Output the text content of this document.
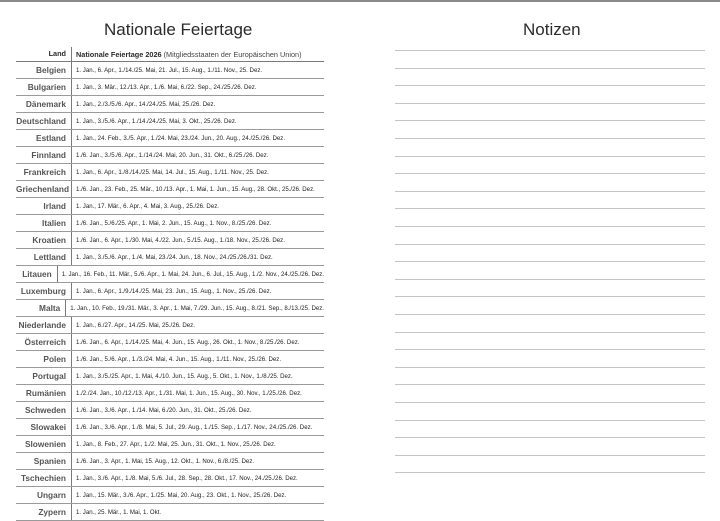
Nationale Feiertage
Land	Nationale Feiertage 2026 (Mitgliedsstaaten der Europäischen Union)
Belgien	1. Jan., 6. Apr., 1./14./25. Mai, 21. Jul., 15. Aug., 1./11. Nov., 25. Dez.
Bulgarien	1. Jan., 3. Mär., 12./13. Apr., 1./6. Mai, 6./22. Sep., 24./25./26. Dez.
Dänemark	1. Jan., 2./3./5./6. Apr., 14./24./25. Mai, 25./26. Dez.
Deutschland	1. Jan., 3./5./6. Apr., 1./14./24./25. Mai, 3. Okt., 25./26. Dez.
Estland	1. Jan., 24. Feb., 3./5. Apr., 1./24. Mai, 23./24. Jun., 20. Aug., 24./25./26. Dez.
Finnland	1./6. Jan., 3./5./6. Apr., 1./14./24. Mai, 20. Jun., 31. Okt., 6./25./26. Dez.
Frankreich	1. Jan., 6. Apr., 1./8./14./25. Mai, 14. Jul., 15. Aug., 1./11. Nov., 25. Dez.
Griechenland	1./6. Jan., 23. Feb., 25. Mär., 10./13. Apr., 1. Mai, 1. Jun., 15. Aug., 28. Okt., 25./26. Dez.
Irland	1. Jan., 17. Mär., 6. Apr., 4. Mai, 3. Aug., 25./26. Dez.
Italien	1./6. Jan., 5./6./25. Apr., 1. Mai, 2. Jun., 15. Aug., 1. Nov., 8./25./26. Dez.
Kroatien	1./6. Jan., 6. Apr., 1./30. Mai, 4./22. Jun., 5./15. Aug., 1./18. Nov., 25./26. Dez.
Lettland	1. Jan., 3./5./6. Apr., 1./4. Mai, 23./24. Jun., 18. Nov., 24./25./26./31. Dez.
Litauen	1. Jan., 16. Feb., 11. Mär., 5./6. Apr., 1. Mai, 24. Jun., 6. Jul., 15. Aug., 1./2. Nov., 24./25./26. Dez.
Luxemburg	1. Jan., 6. Apr., 1./9./14./25. Mai, 23. Jun., 15. Aug., 1. Nov., 25./26. Dez.
Malta	1. Jan., 10. Feb., 19./31. Mär., 3. Apr., 1. Mai, 7./29. Jun., 15. Aug., 8./21. Sep., 8./13./25. Dez.
Niederlande	1. Jan., 6./27. Apr., 14./25. Mai, 25./26. Dez.
Österreich	1./6. Jan., 6. Apr., 1./14./25. Mai, 4. Jun., 15. Aug., 26. Okt., 1. Nov., 8./25./26. Dez.
Polen	1./6. Jan., 5./6. Apr., 1./3./24. Mai, 4. Jun., 15. Aug., 1./11. Nov., 25./26. Dez.
Portugal	1. Jan., 3./5./25. Apr., 1. Mai, 4./10. Jun., 15. Aug., 5. Okt., 1. Nov., 1./8./25. Dez.
Rumänien	1./2./24. Jan., 10./12./13. Apr., 1./31. Mai, 1. Jun., 15. Aug., 30. Nov., 1./25./26. Dez.
Schweden	1./6. Jan., 3./6. Apr., 1./14. Mai, 6./20. Jun., 31. Okt., 25./26. Dez.
Slowakei	1./6. Jan., 3./6. Apr., 1./8. Mai, 5. Jul., 29. Aug., 1./15. Sep., 1./17. Nov., 24./25./26. Dez.
Slowenien	1. Jan., 8. Feb., 27. Apr., 1./2. Mai, 25. Jun., 31. Okt., 1. Nov., 25./26. Dez.
Spanien	1./6. Jan., 3. Apr., 1. Mai, 15. Aug., 12. Okt., 1. Nov., 6./8./25. Dez.
Tschechien	1. Jan., 3./6. Apr., 1./8. Mai, 5./6. Jul., 28. Sep., 28. Okt., 17. Nov., 24./25./26. Dez.
Ungarn	1. Jan., 15. Mär., 3./6. Apr., 1./25. Mai, 20. Aug., 23. Okt., 1. Nov., 25./26. Dez.
Zypern	1. Jan., 25. Mär., 1. Mai, 1. Okt.
Notizen
